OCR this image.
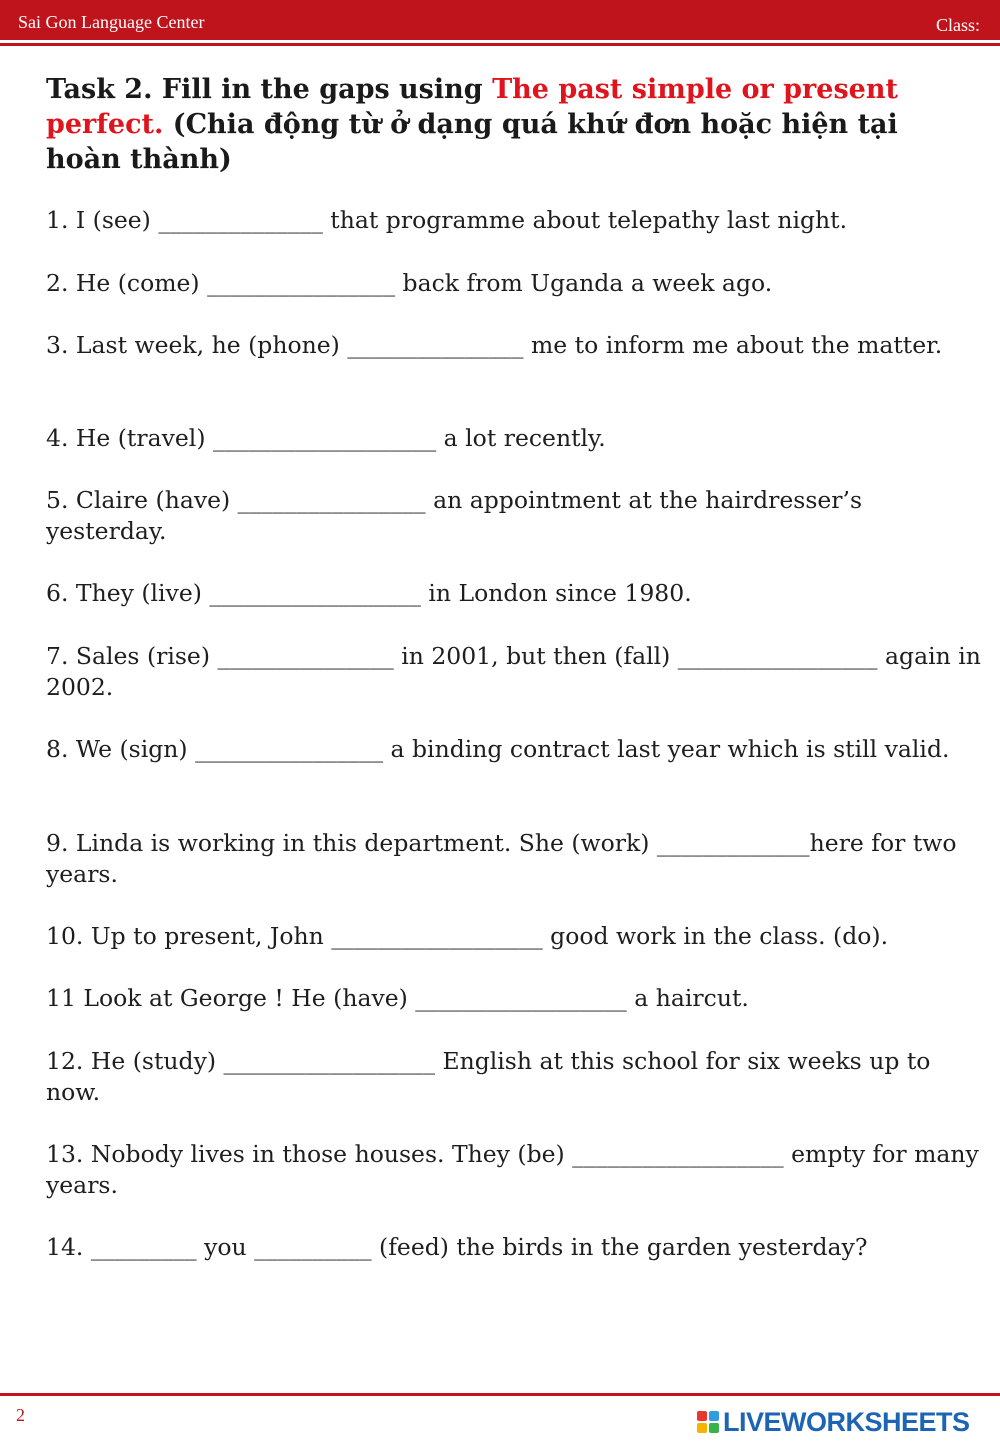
Sai Gon Language Center	Class:
Task 2. Fill in the gaps using The past simple or present perfect. (Chia động từ ở dạng quá khứ đơn hoặc hiện tại hoàn thành)

1. I (see) ______________ that programme about telepathy last night.

2. He (come) ________________ back from Uganda a week ago.

3. Last week, he (phone) _______________ me to inform me about the matter.

4. He (travel) ___________________ a lot recently.

5. Claire (have) ________________ an appointment at the hairdresser’s yesterday.

6. They (live) __________________ in London since 1980.

7. Sales (rise) _______________ in 2001, but then (fall) _________________ again in 2002.

8. We (sign) ________________ a binding contract last year which is still valid.

9. Linda is working in this department. She (work) _____________here for two years.

10. Up to present, John __________________ good work in the class. (do).

11 Look at George ! He (have) __________________ a haircut.

12. He (study) __________________ English at this school for six weeks up to now.

13. Nobody lives in those houses. They (be) __________________ empty for many years.

14. _________ you __________ (feed) the birds in the garden yesterday?

2	LIVEWORKSHEETS
